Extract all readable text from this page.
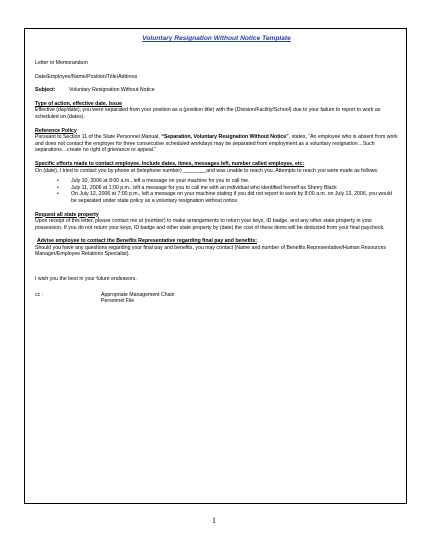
Voluntary Resignation Without Notice Template

Letter or Memorandum

Date/Employee/Name/Position/Title/Address

Subject:	Voluntary Resignation Without Notice

Type of action, effective date, Issue

Effective (day/date), you were separated from your position as a (position title) with the (Division/Facility/School) due to your failure to report to work as scheduled on (dates).

Reference Policy

Pursuant to Section 11 of the State Personnel Manual, “Separation, Voluntary Resignation Without Notice”, states, “An employee who is absent from work and does not contact the employer for three consecutive scheduled workdays may be separated from employment as a voluntary resignation…Such separations…create no right of grievance or appeal.”

Specific efforts made to contact employee. Include dates, times, messages left, number called employee, etc:

On (date), I tried to contact you by phone at (telephone number) ________and was unable to reach you. Attempts to reach you were made as follows:

• July 10, 2006 at 8:00 a.m., left a message on your machine for you to call me.
• July 11, 2006 at 1:00 p.m., left a message for you to call me with an individual who identified herself as Sherry Black
• On July 12, 2006 at 7:00 p.m., left a message on your machine stating if you did not report to work by 8:00 a.m. on July 13, 2006, you would be separated under state policy as a voluntary resignation without notice.

Request all state property

Upon receipt of this letter, please contact me at (number) to make arrangements to return your keys, ID badge, and any other state property in your possession. If you do not return your keys, ID badge and other state property by (date) the cost of these items will be deducted from your final paycheck.

Advise employee to contact the Benefits Representative regarding final pay and benefits:

Should you have any questions regarding your final pay and benefits, you may contact (Name and number of Benefits Representative/Human Resources Manager/Employee Relations Specialist).

I wish you the best in your future endeavors.

cc :	Appropriate Management Chain
Personnel File
1
